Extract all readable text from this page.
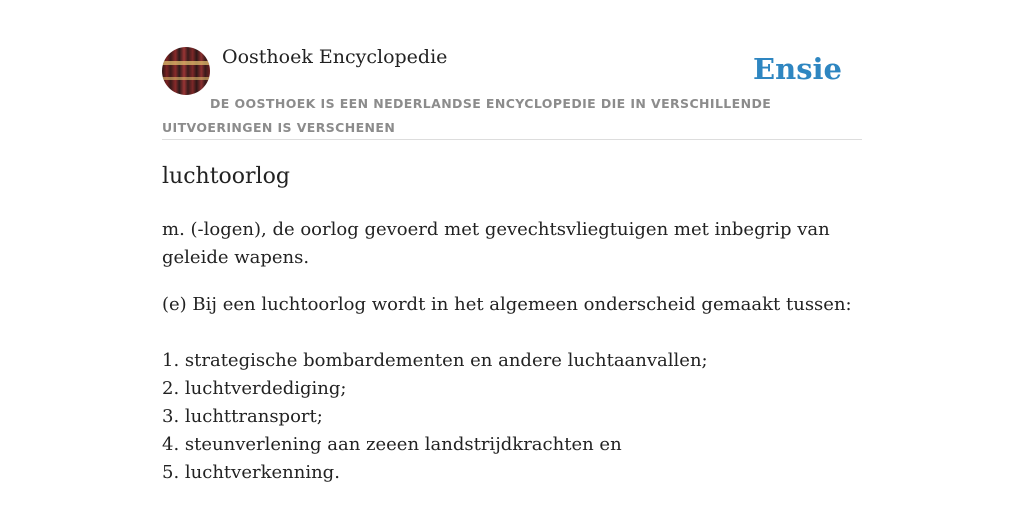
Oosthoek Encyclopedie	Ensie
DE OOSTHOEK IS EEN NEDERLANDSE ENCYCLOPEDIE DIE IN VERSCHILLENDE UITVOERINGEN IS VERSCHENEN
luchtoorlog

m. (-logen), de oorlog gevoerd met gevechtsvliegtuigen met inbegrip van geleide wapens.

(e) Bij een luchtoorlog wordt in het algemeen onderscheid gemaakt tussen:

1. strategische bombardementen en andere luchtaanvallen;
2. luchtverdediging;
3. luchttransport;
4. steunverlening aan zeeen landstrijdkrachten en
5. luchtverkenning.
